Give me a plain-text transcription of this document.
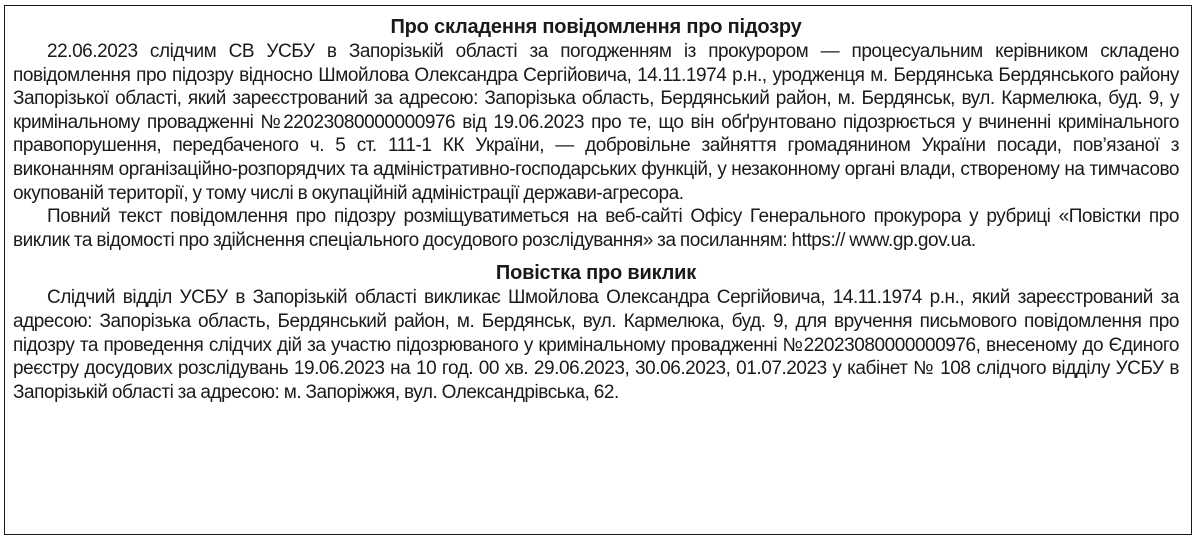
Про складення повідомлення про підозру

22.06.2023 слідчим СВ УСБУ в Запорізькій області за погодженням із прокурором — процесуальним керівником складено повідомлення про підозру відносно Шмойлова Олександра Сергійовича, 14.11.1974 р.н., уродженця м. Бердянська Бердянського району Запорізької області, який зареєстрований за адресою: Запорізька область, Бердянський район, м. Бердянськ, вул. Кармелюка, буд. 9, у кримінальному провадженні №22023080000000976 від 19.06.2023 про те, що він обґрунтовано підозрюється у вчиненні кримінального правопорушення, передбаченого ч. 5 ст. 111-1 КК України, — добровільне зайняття громадянином України посади, пов’язаної з виконанням організаційно-розпорядчих та адміністративно-господарських функцій, у незаконному органі влади, створеному на тимчасово окупованій території, у тому числі в окупаційній адміністрації держави-агресора.

Повний текст повідомлення про підозру розміщуватиметься на веб-сайті Офісу Генерального прокурора у рубриці «Повістки про виклик та відомості про здійснення спеціального досудового розслідування» за посиланням: https:// www.gp.gov.ua.

Повістка про виклик

Слідчий відділ УСБУ в Запорізькій області викликає Шмойлова Олександра Сергійовича, 14.11.1974 р.н., який зареєстрований за адресою: Запорізька область, Бердянський район, м. Бердянськ, вул. Кармелюка, буд. 9, для вручення письмового повідомлення про підозру та проведення слідчих дій за участю підозрюваного у кримінальному провадженні №22023080000000976, внесеному до Єдиного реєстру досудових розслідувань 19.06.2023 на 10 год. 00 хв. 29.06.2023, 30.06.2023, 01.07.2023 у кабінет № 108 слідчого відділу УСБУ в Запорізькій області за адресою: м. Запоріжжя, вул. Олександрівська, 62.
